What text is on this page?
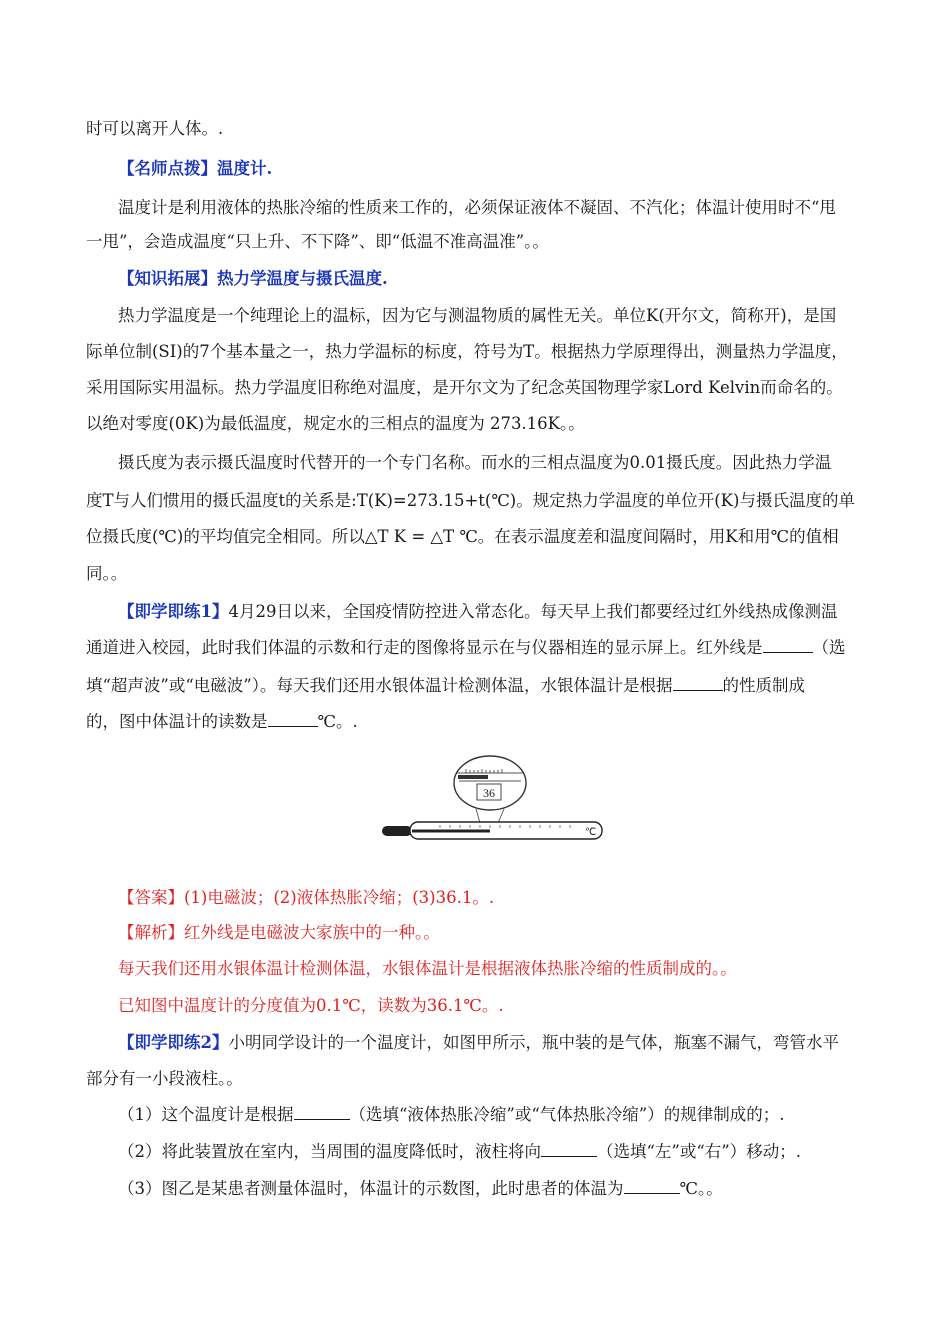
时可以离开人体。.
【名师点拨】温度计.
温度计是利用液体的热胀冷缩的性质来工作的，必须保证液体不凝固、不汽化；体温计使用时不“甩
一甩”，会造成温度“只上升、不下降”、即“低温不准高温准”。。
【知识拓展】热力学温度与摄氏温度.
热力学温度是一个纯理论上的温标，因为它与测温物质的属性无关。单位K(开尔文，简称开)，是国
际单位制(SI)的7个基本量之一，热力学温标的标度，符号为T。根据热力学原理得出，测量热力学温度，
采用国际实用温标。热力学温度旧称绝对温度，是开尔文为了纪念英国物理学家Lord Kelvin而命名的。
以绝对零度(0K)为最低温度，规定水的三相点的温度为 273.16K。。
摄氏度为表示摄氏温度时代替开的一个专门名称。而水的三相点温度为0.01摄氏度。因此热力学温
度T与人们惯用的摄氏温度t的关系是:T(K)=273.15+t(℃)。规定热力学温度的单位开(K)与摄氏温度的单
位摄氏度(℃)的平均值完全相同。所以△T K = △T ℃。在表示温度差和温度间隔时，用K和用℃的值相
同。。
【即学即练1】4月29日以来，全国疫情防控进入常态化。每天早上我们都要经过红外线热成像测温
通道进入校园，此时我们体温的示数和行走的图像将显示在与仪器相连的显示屏上。红外线是	（选
填“超声波”或“电磁波”）。每天我们还用水银体温计检测体温，水银体温计是根据	的性质制成
的，图中体温计的读数是	℃。.
36
℃
【答案】(1)电磁波；(2)液体热胀冷缩；(3)36.1。.
【解析】红外线是电磁波大家族中的一种。。
每天我们还用水银体温计检测体温，水银体温计是根据液体热胀冷缩的性质制成的。。
已知图中温度计的分度值为0.1℃，读数为36.1℃。.
【即学即练2】小明同学设计的一个温度计，如图甲所示，瓶中装的是气体，瓶塞不漏气，弯管水平
部分有一小段液柱。。
（1）这个温度计是根据	（选填“液体热胀冷缩”或“气体热胀冷缩”）的规律制成的；.
（2）将此装置放在室内，当周围的温度降低时，液柱将向	（选填“左”或“右”）移动；.
（3）图乙是某患者测量体温时，体温计的示数图，此时患者的体温为	℃。。
